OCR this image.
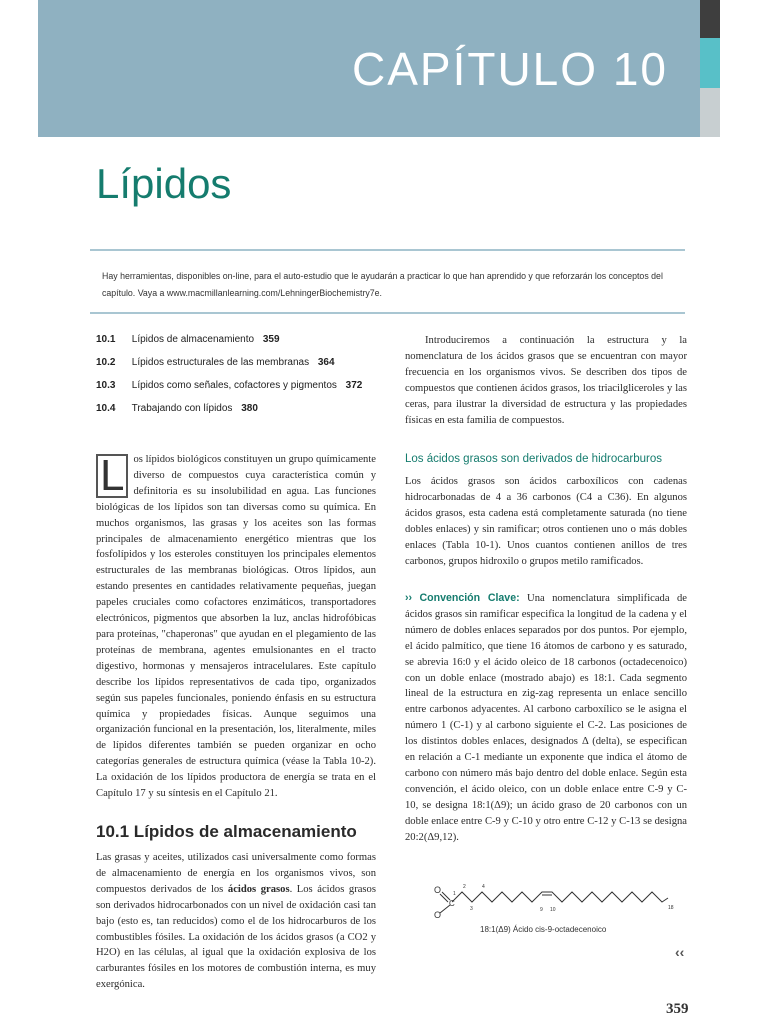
CAPÍTULO 10
Lípidos

Hay herramientas, disponibles on-line, para el auto-estudio que le ayudarán a practicar lo que han aprendido y que reforzarán los conceptos del capítulo. Vaya a www.macmillanlearning.com/LehningerBiochemistry7e.

10.1 Lípidos de almacenamiento 359
10.2 Lípidos estructurales de las membranas 364
10.3 Lípidos como señales, cofactores y pigmentos 372
10.4 Trabajando con lípidos 380

L os lípidos biológicos constituyen un grupo químicamente diverso de compuestos cuya característica común y definitoria es su insolubilidad en agua. Las funciones biológicas de los lípidos son tan diversas como su química. En muchos organismos, las grasas y los aceites son las formas principales de almacenamiento energético mientras que los fosfolípidos y los esteroles constituyen los principales elementos estructurales de las membranas biológicas. Otros lípidos, aun estando presentes en cantidades relativamente pequeñas, juegan papeles cruciales como cofactores enzimáticos, transportadores electrónicos, pigmentos que absorben la luz, anclas hidrofóbicas para proteínas, "chaperonas" que ayudan en el plegamiento de las proteínas de membrana, agentes emulsionantes en el tracto digestivo, hormonas y mensajeros intracelulares. Este capítulo describe los lípidos representativos de cada tipo, organizados según sus papeles funcionales, poniendo énfasis en su estructura química y propiedades físicas. Aunque seguimos una organización funcional en la presentación, los, literalmente, miles de lípidos diferentes también se pueden organizar en ocho categorías generales de estructura química (véase la Tabla 10-2). La oxidación de los lípidos productora de energía se trata en el Capítulo 17 y su síntesis en el Capítulo 21.

10.1 Lípidos de almacenamiento

Las grasas y aceites, utilizados casi universalmente como formas de almacenamiento de energía en los organismos vivos, son compuestos derivados de los ácidos grasos. Los ácidos grasos son derivados hidrocarbonados con un nivel de oxidación casi tan bajo (esto es, tan reducidos) como el de los hidrocarburos de los combustibles fósiles. La oxidación de los ácidos grasos (a CO2 y H2O) en las células, al igual que la oxidación explosiva de los carburantes fósiles en los motores de combustión interna, es muy exergónica.

Introduciremos a continuación la estructura y la nomenclatura de los ácidos grasos que se encuentran con mayor frecuencia en los organismos vivos. Se describen dos tipos de compuestos que contienen ácidos grasos, los triacilgliceroles y las ceras, para ilustrar la diversidad de estructura y las propiedades físicas en esta familia de compuestos.

Los ácidos grasos son derivados de hidrocarburos

Los ácidos grasos son ácidos carboxílicos con cadenas hidrocarbonadas de 4 a 36 carbonos (C4 a C36). En algunos ácidos grasos, esta cadena está completamente saturada (no tiene dobles enlaces) y sin ramificar; otros contienen uno o más dobles enlaces (Tabla 10-1). Unos cuantos contienen anillos de tres carbonos, grupos hidroxilo o grupos metilo ramificados.

›› Convención Clave: Una nomenclatura simplificada de ácidos grasos sin ramificar especifica la longitud de la cadena y el número de dobles enlaces separados por dos puntos. Por ejemplo, el ácido palmítico, que tiene 16 átomos de carbono y es saturado, se abrevia 16:0 y el ácido oleico de 18 carbonos (octadecenoico) con un doble enlace (mostrado abajo) es 18:1. Cada segmento lineal de la estructura en zig-zag representa un enlace sencillo entre carbonos adyacentes. Al carbono carboxílico se le asigna el número 1 (C-1) y al carbono siguiente el C-2. Las posiciones de los distintos dobles enlaces, designados Δ (delta), se especifican en relación a C-1 mediante un exponente que indica el átomo de carbono con número más bajo dentro del doble enlace. Según esta convención, el ácido oleico, con un doble enlace entre C-9 y C-10, se designa 18:1(Δ9); un ácido graso de 20 carbonos con un doble enlace entre C-9 y C-10 y otro entre C-12 y C-13 se designa 20:2(Δ9,12).

O
O
C
1
2
3
4
9 10	18

18:1(Δ9) Ácido cis-9-octadecenoico

‹‹
359
